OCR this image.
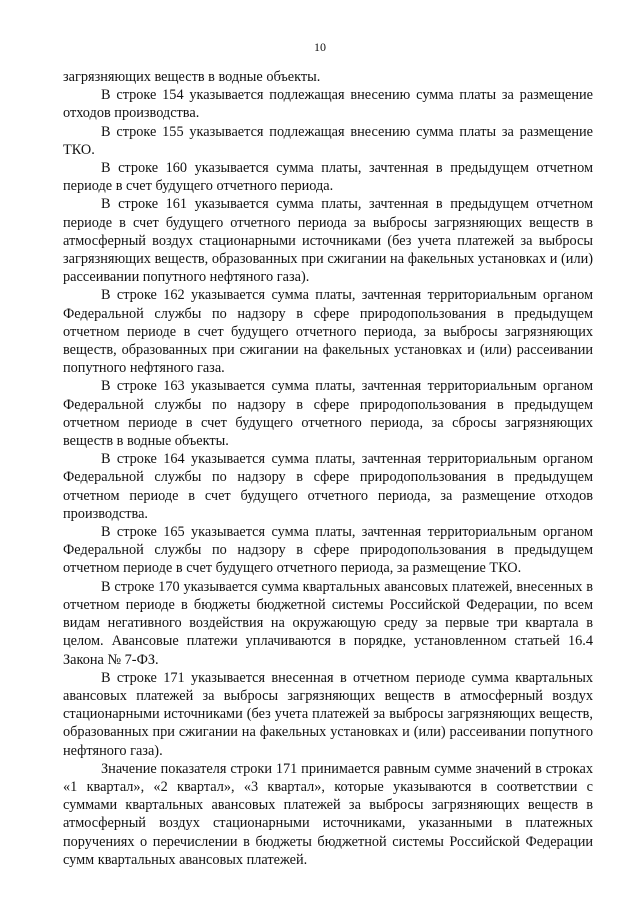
10

загрязняющих веществ в водные объекты.

В строке 154 указывается подлежащая внесению сумма платы за размещение отходов производства.

В строке 155 указывается подлежащая внесению сумма платы за размещение ТКО.

В строке 160 указывается сумма платы, зачтенная в предыдущем отчетном периоде в счет будущего отчетного периода.

В строке 161 указывается сумма платы, зачтенная в предыдущем отчетном периоде в счет будущего отчетного периода за выбросы загрязняющих веществ в атмосферный воздух стационарными источниками (без учета платежей за выбросы загрязняющих веществ, образованных при сжигании на факельных установках и (или) рассеивании попутного нефтяного газа).

В строке 162 указывается сумма платы, зачтенная территориальным органом Федеральной службы по надзору в сфере природопользования в предыдущем отчетном периоде в счет будущего отчетного периода, за выбросы загрязняющих веществ, образованных при сжигании на факельных установках и (или) рассеивании попутного нефтяного газа.

В строке 163 указывается сумма платы, зачтенная территориальным органом Федеральной службы по надзору в сфере природопользования в предыдущем отчетном периоде в счет будущего отчетного периода, за сбросы загрязняющих веществ в водные объекты.

В строке 164 указывается сумма платы, зачтенная территориальным органом Федеральной службы по надзору в сфере природопользования в предыдущем отчетном периоде в счет будущего отчетного периода, за размещение отходов производства.

В строке 165 указывается сумма платы, зачтенная территориальным органом Федеральной службы по надзору в сфере природопользования в предыдущем отчетном периоде в счет будущего отчетного периода, за размещение ТКО.

В строке 170 указывается сумма квартальных авансовых платежей, внесенных в отчетном периоде в бюджеты бюджетной системы Российской Федерации, по всем видам негативного воздействия на окружающую среду за первые три квартала в целом. Авансовые платежи уплачиваются в порядке, установленном статьей 16.4 Закона № 7-ФЗ.

В строке 171 указывается внесенная в отчетном периоде сумма квартальных авансовых платежей за выбросы загрязняющих веществ в атмосферный воздух стационарными источниками (без учета платежей за выбросы загрязняющих веществ, образованных при сжигании на факельных установках и (или) рассеивании попутного нефтяного газа).

Значение показателя строки 171 принимается равным сумме значений в строках «1 квартал», «2 квартал», «3 квартал», которые указываются в соответствии с суммами квартальных авансовых платежей за выбросы загрязняющих веществ в атмосферный воздух стационарными источниками, указанными в платежных поручениях о перечислении в бюджеты бюджетной системы Российской Федерации сумм квартальных авансовых платежей.
